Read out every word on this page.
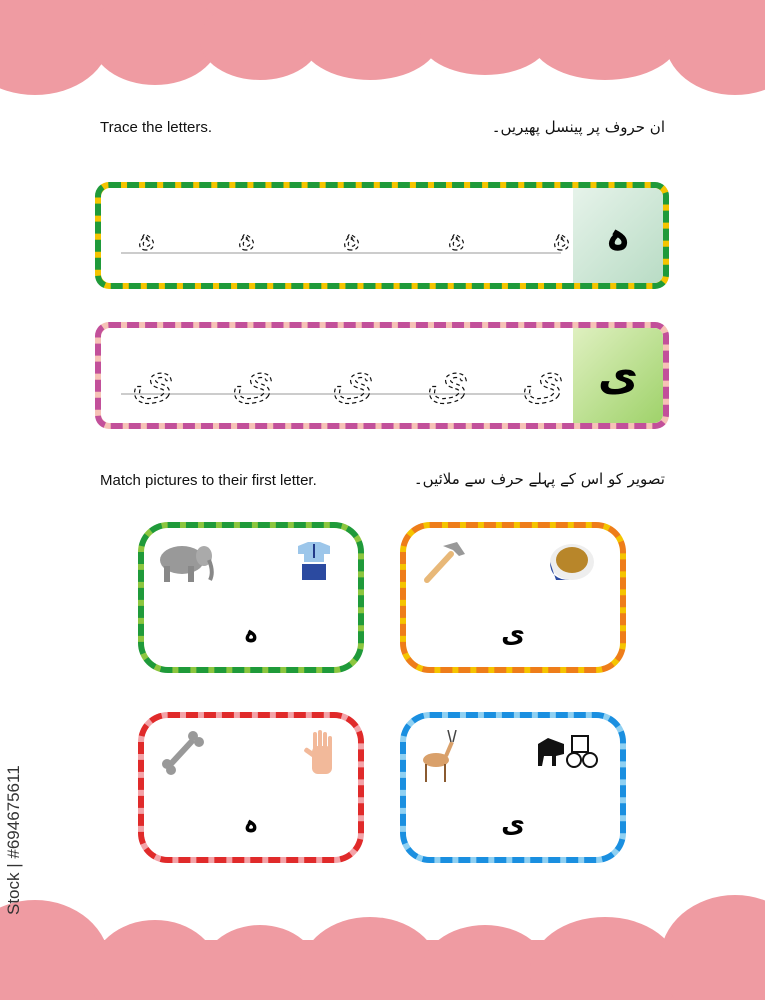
Trace the letters.	ان حروف پر پینسل پھیریں۔
ہ ہ ہ ہ ہ ہ
ی ی ی ی ی ی
Match pictures to their first letter.	تصویر کو اس کے پہلے حرف سے ملائیں۔
ہ	ی
ہ	ی
Stock | #694675611
